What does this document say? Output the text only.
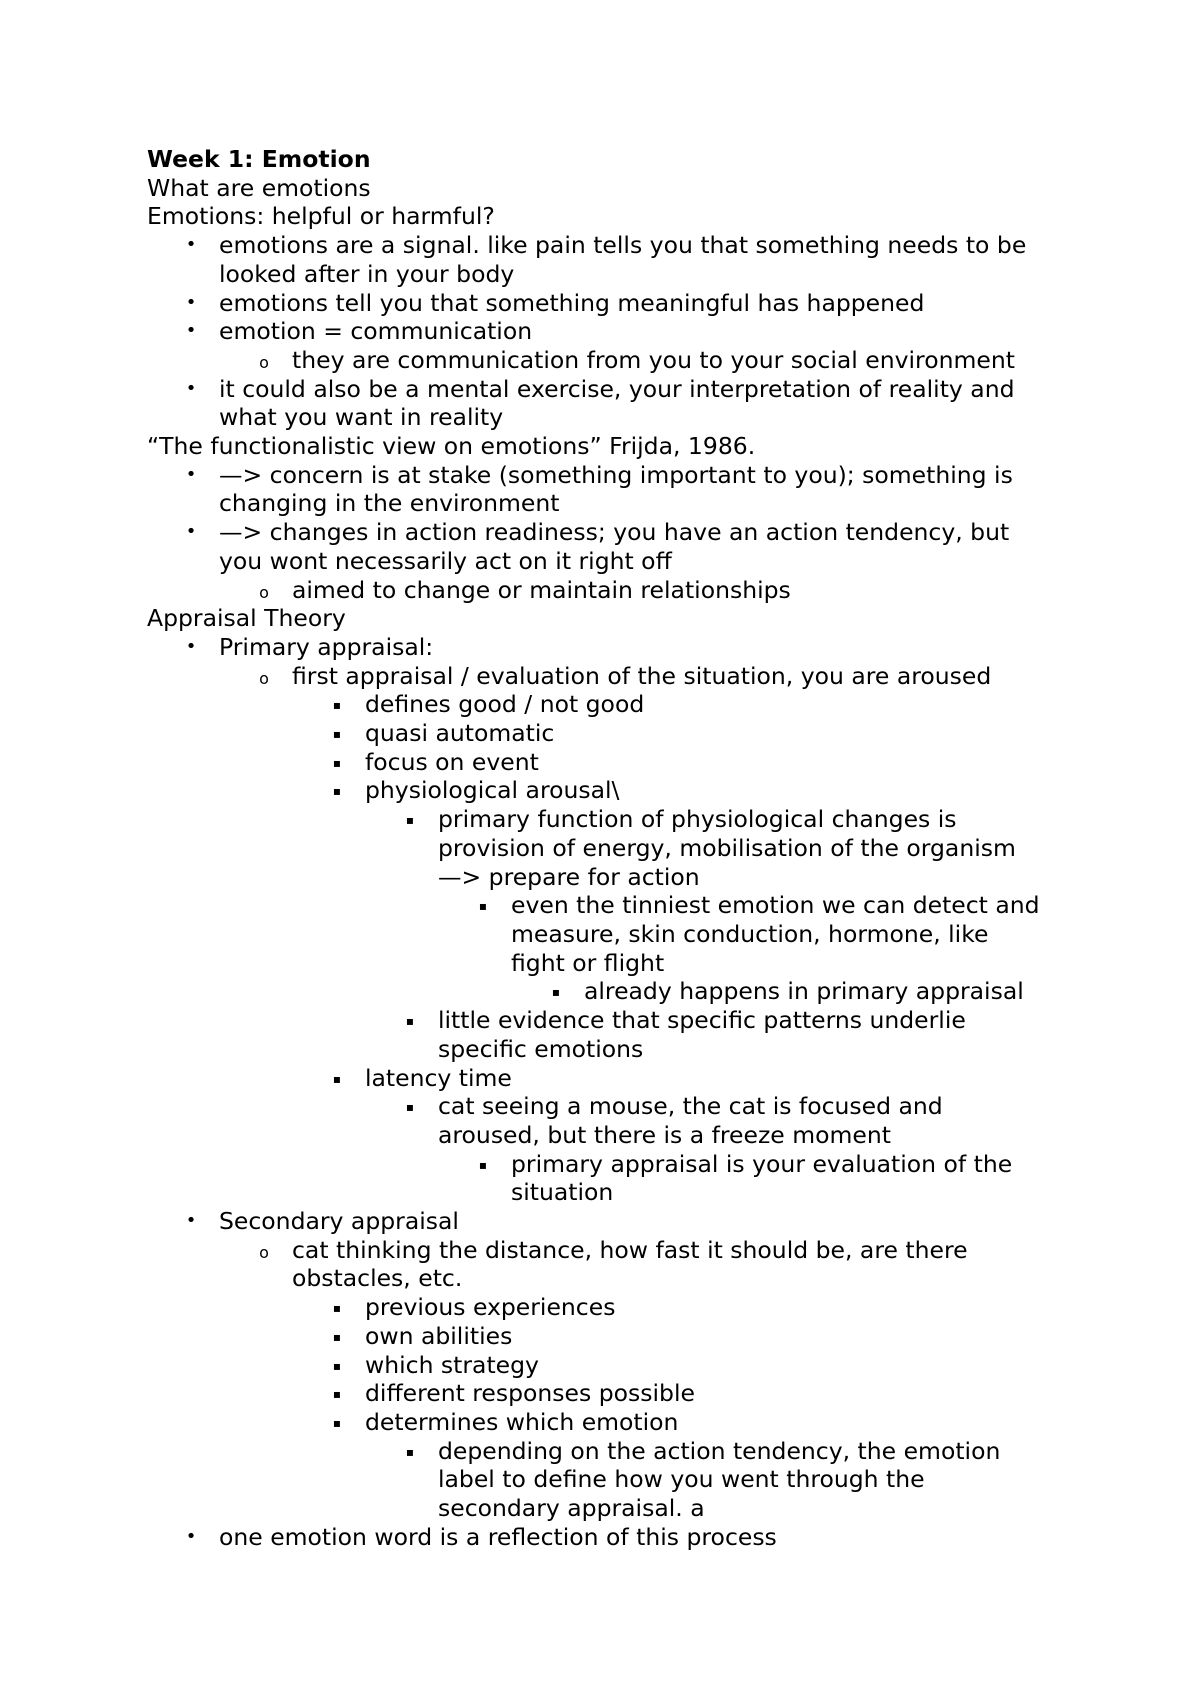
Week 1: Emotion
What are emotions
Emotions: helpful or harmful?
• emotions are a signal. like pain tells you that something needs to be
looked after in your body
• emotions tell you that something meaningful has happened
• emotion = communication
o they are communication from you to your social environment
• it could also be a mental exercise, your interpretation of reality and
what you want in reality
“The functionalistic view on emotions” Frijda, 1986.
• —> concern is at stake (something important to you); something is
changing in the environment
• —> changes in action readiness; you have an action tendency, but
you wont necessarily act on it right off
o aimed to change or maintain relationships
Appraisal Theory
• Primary appraisal:
o first appraisal / evaluation of the situation, you are aroused
▪ defines good / not good
▪ quasi automatic
▪ focus on event
▪ physiological arousal\
▪ primary function of physiological changes is
provision of energy, mobilisation of the organism
—> prepare for action
▪ even the tinniest emotion we can detect and
measure, skin conduction, hormone, like
fight or flight
▪ already happens in primary appraisal
▪ little evidence that specific patterns underlie
specific emotions
▪ latency time
▪ cat seeing a mouse, the cat is focused and
aroused, but there is a freeze moment
▪ primary appraisal is your evaluation of the
situation
• Secondary appraisal
o cat thinking the distance, how fast it should be, are there
obstacles, etc.
▪ previous experiences
▪ own abilities
▪ which strategy
▪ different responses possible
▪ determines which emotion
▪ depending on the action tendency, the emotion
label to define how you went through the
secondary appraisal. a
• one emotion word is a reflection of this process
